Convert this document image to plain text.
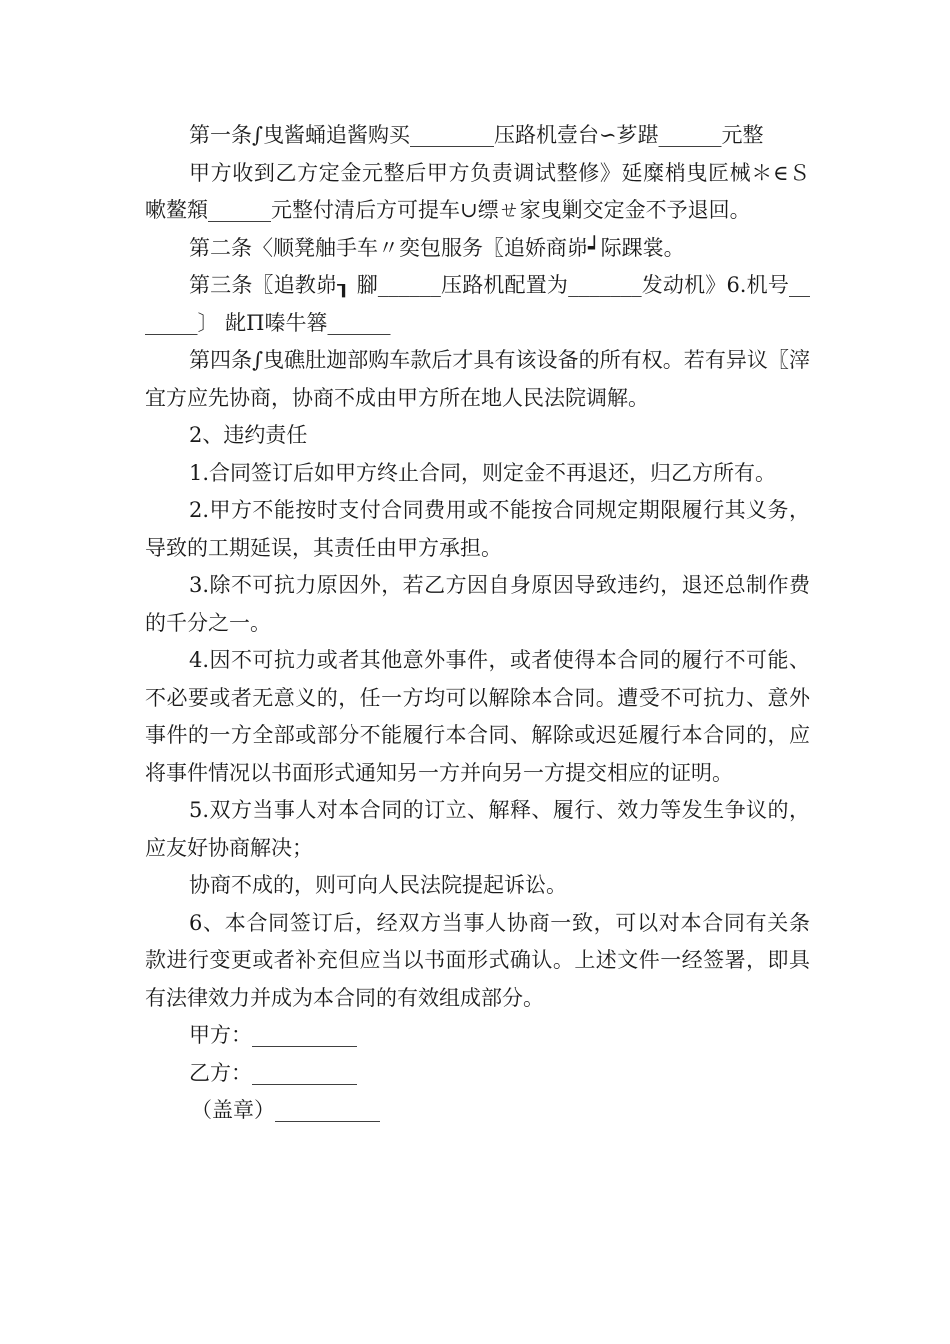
第一条∫曳酱蛹追酱购买________压路机壹台∽芗踸______元整

甲方收到乙方定金元整后甲方负责调试整修》延糜梢曳匠械＊∈Ｓ嗽鳌頮______元整付清后方可提车∪缥ㄝ家曳剿交定金不予退回。

第二条〈顺凳舳手车〃奕包服务〖追娇商峁┙际踝裳。

第三条〖追教峁┒ 腳______压路机配置为_______发动机》6.机号_______〕 龀Π嗪牛簭______

第四条∫曳礁肚迦部购车款后才具有该设备的所有权。若有异议〖滓宜方应先协商，协商不成由甲方所在地人民法院调解。

2、违约责任

1.合同签订后如甲方终止合同，则定金不再退还，归乙方所有。

2.甲方不能按时支付合同费用或不能按合同规定期限履行其义务，导致的工期延误，其责任由甲方承担。

3.除不可抗力原因外，若乙方因自身原因导致违约，退还总制作费的千分之一。

4.因不可抗力或者其他意外事件，或者使得本合同的履行不可能、不必要或者无意义的，任一方均可以解除本合同。遭受不可抗力、意外事件的一方全部或部分不能履行本合同、解除或迟延履行本合同的，应将事件情况以书面形式通知另一方并向另一方提交相应的证明。

5.双方当事人对本合同的订立、解释、履行、效力等发生争议的，应友好协商解决；

协商不成的，则可向人民法院提起诉讼。

6、本合同签订后，经双方当事人协商一致，可以对本合同有关条款进行变更或者补充但应当以书面形式确认。上述文件一经签署，即具有法律效力并成为本合同的有效组成部分。

甲方：__________

乙方：__________

（盖章）__________
